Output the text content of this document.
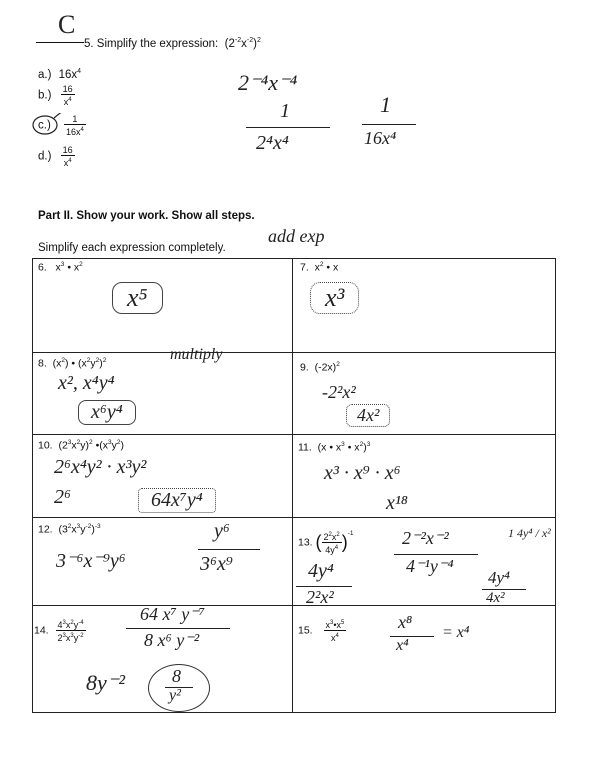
C
5. Simplify the expression:  $(2^{-2}x^{-2})^2$
a.) $16x^4$
$b.) \frac{16}{x^4}$
$c.) \frac{1}{16x^4}$
$d.) \frac{16}{x^4}$
2⁻⁴x⁻⁴
1
2⁴x⁴
1
16x⁴
Part II. Show your work. Show all steps.
add exp
Simplify each expression completely.
6.   $x^3$ • $x^2$
x⁵
7.  $x^2$ • x
x³
8.  $(x^2)$ • $(x^2y^2)^2$	multiply
x², x⁴y⁴
x⁶y⁴
9.  $(-2x)^2$
-2²x²
4x²
10.  $(2^3x^2y)^2$ $•(x^3y^2)$
2⁶x⁴y² · x³y²
2⁶	64x⁷y⁴
11.  (x • $x^3$ • $x^2)^3$
x³ · x⁹ · x⁶
x¹⁸
12.  $(3^2x^3y^{-2})^{-3}$
3⁻⁶x⁻⁹y⁶
y⁶
3⁶x⁹
13. ( $\frac{2^2x^2}{4y^4} )^{-1}$	2⁻²x⁻²
4⁻¹y⁻⁴
4y⁴
2²x²
4y⁴
4x²
1 4y⁴ / x²
14. $\frac{4^3x^2y^{-4}}{2^3x^3y^{-2}}$
64 x⁷ y⁻⁷
8 x⁶ y⁻²
8y⁻²	8
y²
15. $\frac{x^3•x^5}{x^4}$	x⁸
x⁴
= x⁴
